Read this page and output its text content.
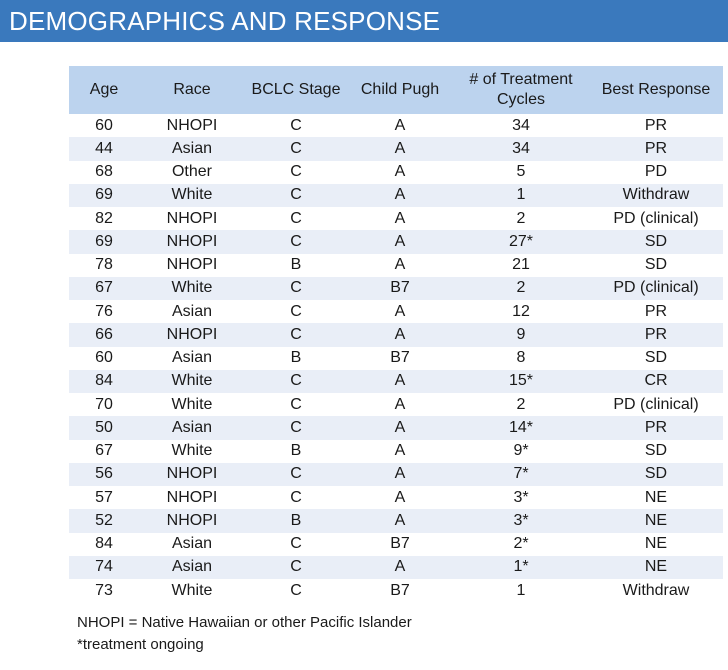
DEMOGRAPHICS AND RESPONSE
Age	Race	BCLC Stage	Child Pugh	# of Treatment Cycles	Best Response
60	NHOPI	C	A	34	PR
44	Asian	C	A	34	PR
68	Other	C	A	5	PD
69	White	C	A	1	Withdraw
82	NHOPI	C	A	2	PD (clinical)
69	NHOPI	C	A	27*	SD
78	NHOPI	B	A	21	SD
67	White	C	B7	2	PD (clinical)
76	Asian	C	A	12	PR
66	NHOPI	C	A	9	PR
60	Asian	B	B7	8	SD
84	White	C	A	15*	CR
70	White	C	A	2	PD (clinical)
50	Asian	C	A	14*	PR
67	White	B	A	9*	SD
56	NHOPI	C	A	7*	SD
57	NHOPI	C	A	3*	NE
52	NHOPI	B	A	3*	NE
84	Asian	C	B7	2*	NE
74	Asian	C	A	1*	NE
73	White	C	B7	1	Withdraw
NHOPI = Native Hawaiian or other Pacific Islander
*treatment ongoing
